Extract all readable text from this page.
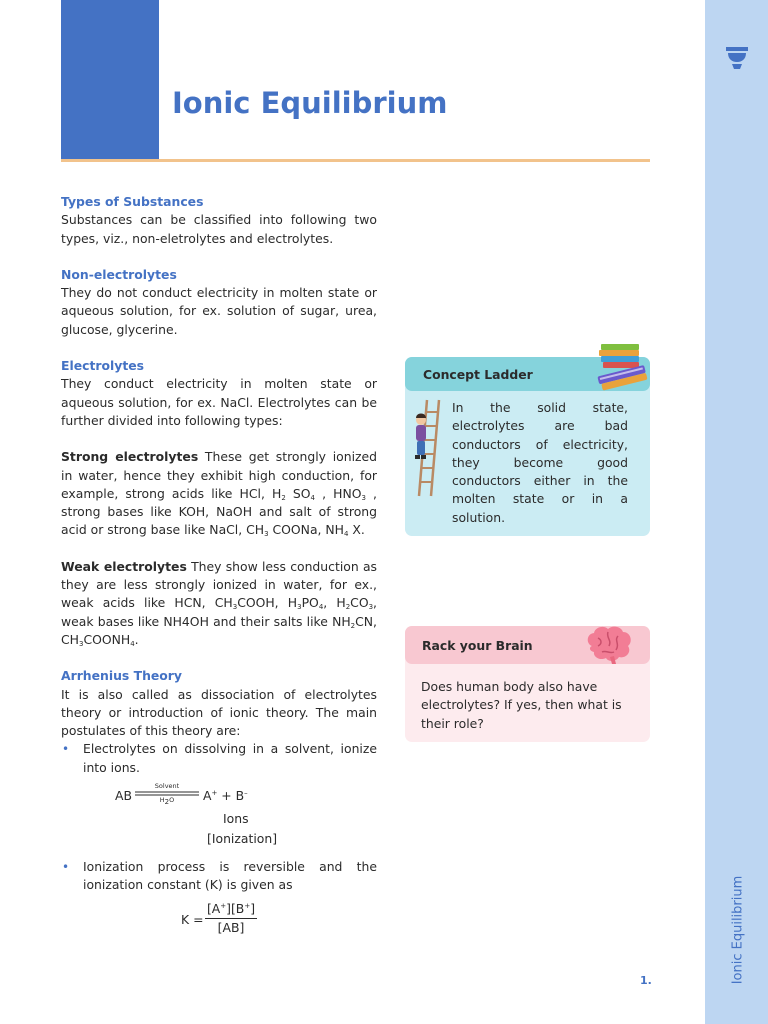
Ionic Equilibrium
Ionic Equilibrium
1.
Types of Substances
Substances can be classified into following two types, viz., non-eletrolytes and electrolytes.
Non-electrolytes
They do not conduct electricity in molten state or aqueous solution, for ex. solution of sugar, urea, glucose, glycerine.
Electrolytes
They conduct electricity in molten state or aqueous solution, for ex. NaCl. Electrolytes can be further divided into following types:
Strong electrolytes These get strongly ionized in water, hence they exhibit high conduction, for example, strong acids like HCl, $H_2$ $SO_4$ , $HNO_3$ , strong bases like KOH, NaOH and salt of strong acid or strong base like NaCl, $CH_3$ COONa, $NH_4$ X.
Weak electrolytes They show less conduction as they are less strongly ionized in water, for ex., weak acids like HCN, $CH_3COOH$, $H_3PO_4$, $H_2CO_3$, weak bases like NH4OH and their salts like $NH_2CN$, $CH_3COONH_4$.
Arrhenius Theory
It is also called as dissociation of electrolytes theory or introduction of ionic theory. The main postulates of this theory are:
• Electrolytes on dissolving in a solvent, ionize into ions.
AB
Solvent
$H_2O$	A+ + B–
Ions
[Ionization]
• Ionization process is reversible and the ionization constant (K) is given as
K =
[A+][B+]
[AB]
Concept Ladder
In the solid state, electrolytes are bad conductors of electricity, they become good conductors either in the molten state or in a solution.
Rack your Brain
Does human body also have electrolytes? If yes, then what is their role?
